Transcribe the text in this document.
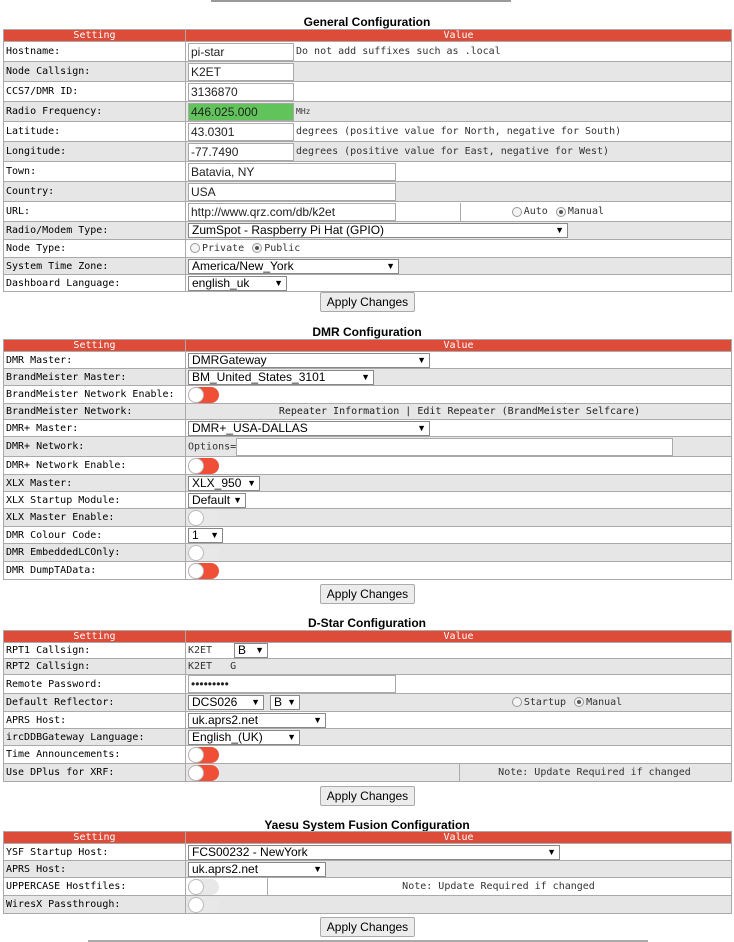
General Configuration
Setting	Value
Hostname:	pi-star Do not add suffixes such as .local
Node Callsign:	K2ET
CCS7/DMR ID:	3136870
Radio Frequency:	446.025.000 MHz
Latitude:	43.0301 degrees (positive value for North, negative for South)
Longitude:	-77.7490 degrees (positive value for East, negative for West)
Town:	Batavia, NY
Country:	USA
URL:	http://www.qrz.com/db/k2et Auto Manual
Radio/Modem Type:	ZumSpot - Raspberry Pi Hat (GPIO) ▼

Node Type:	Private Public
System Time Zone:	America/New_York ▼

Dashboard Language:	english_uk ▼
Apply Changes
DMR Configuration
Setting	Value
DMR Master:	DMRGateway ▼

BrandMeister Master:	BM_United_States_3101 ▼

BrandMeister Network Enable:	

BrandMeister Network:	Repeater Information | Edit Repeater (BrandMeister Selfcare)
DMR+ Master:	DMR+_USA-DALLAS ▼

DMR+ Network:	Options=
DMR+ Network Enable:	

XLX Master:	XLX_950 ▼

XLX Startup Module:	Default ▼

XLX Master Enable:	

DMR Colour Code:	1 ▼

DMR EmbeddedLCOnly:	

DMR DumpTAData:	
Apply Changes
D-Star Configuration
Setting	Value
RPT1 Callsign:	K2ET B ▼

RPT2 Callsign:	K2ET   G
Remote Password:	•••••••••
Default Reflector:	DCS026 ▼ B ▼ Startup Manual
APRS Host:	uk.aprs2.net ▼

ircDDBGateway Language:	English_(UK) ▼

Time Announcements:	

Use DPlus for XRF:	Note: Update Required if changed
Apply Changes
Yaesu System Fusion Configuration
Setting	Value
YSF Startup Host:	FCS00232 - NewYork ▼

APRS Host:	uk.aprs2.net ▼

UPPERCASE Hostfiles:	Note: Update Required if changed
WiresX Passthrough:	
Apply Changes
